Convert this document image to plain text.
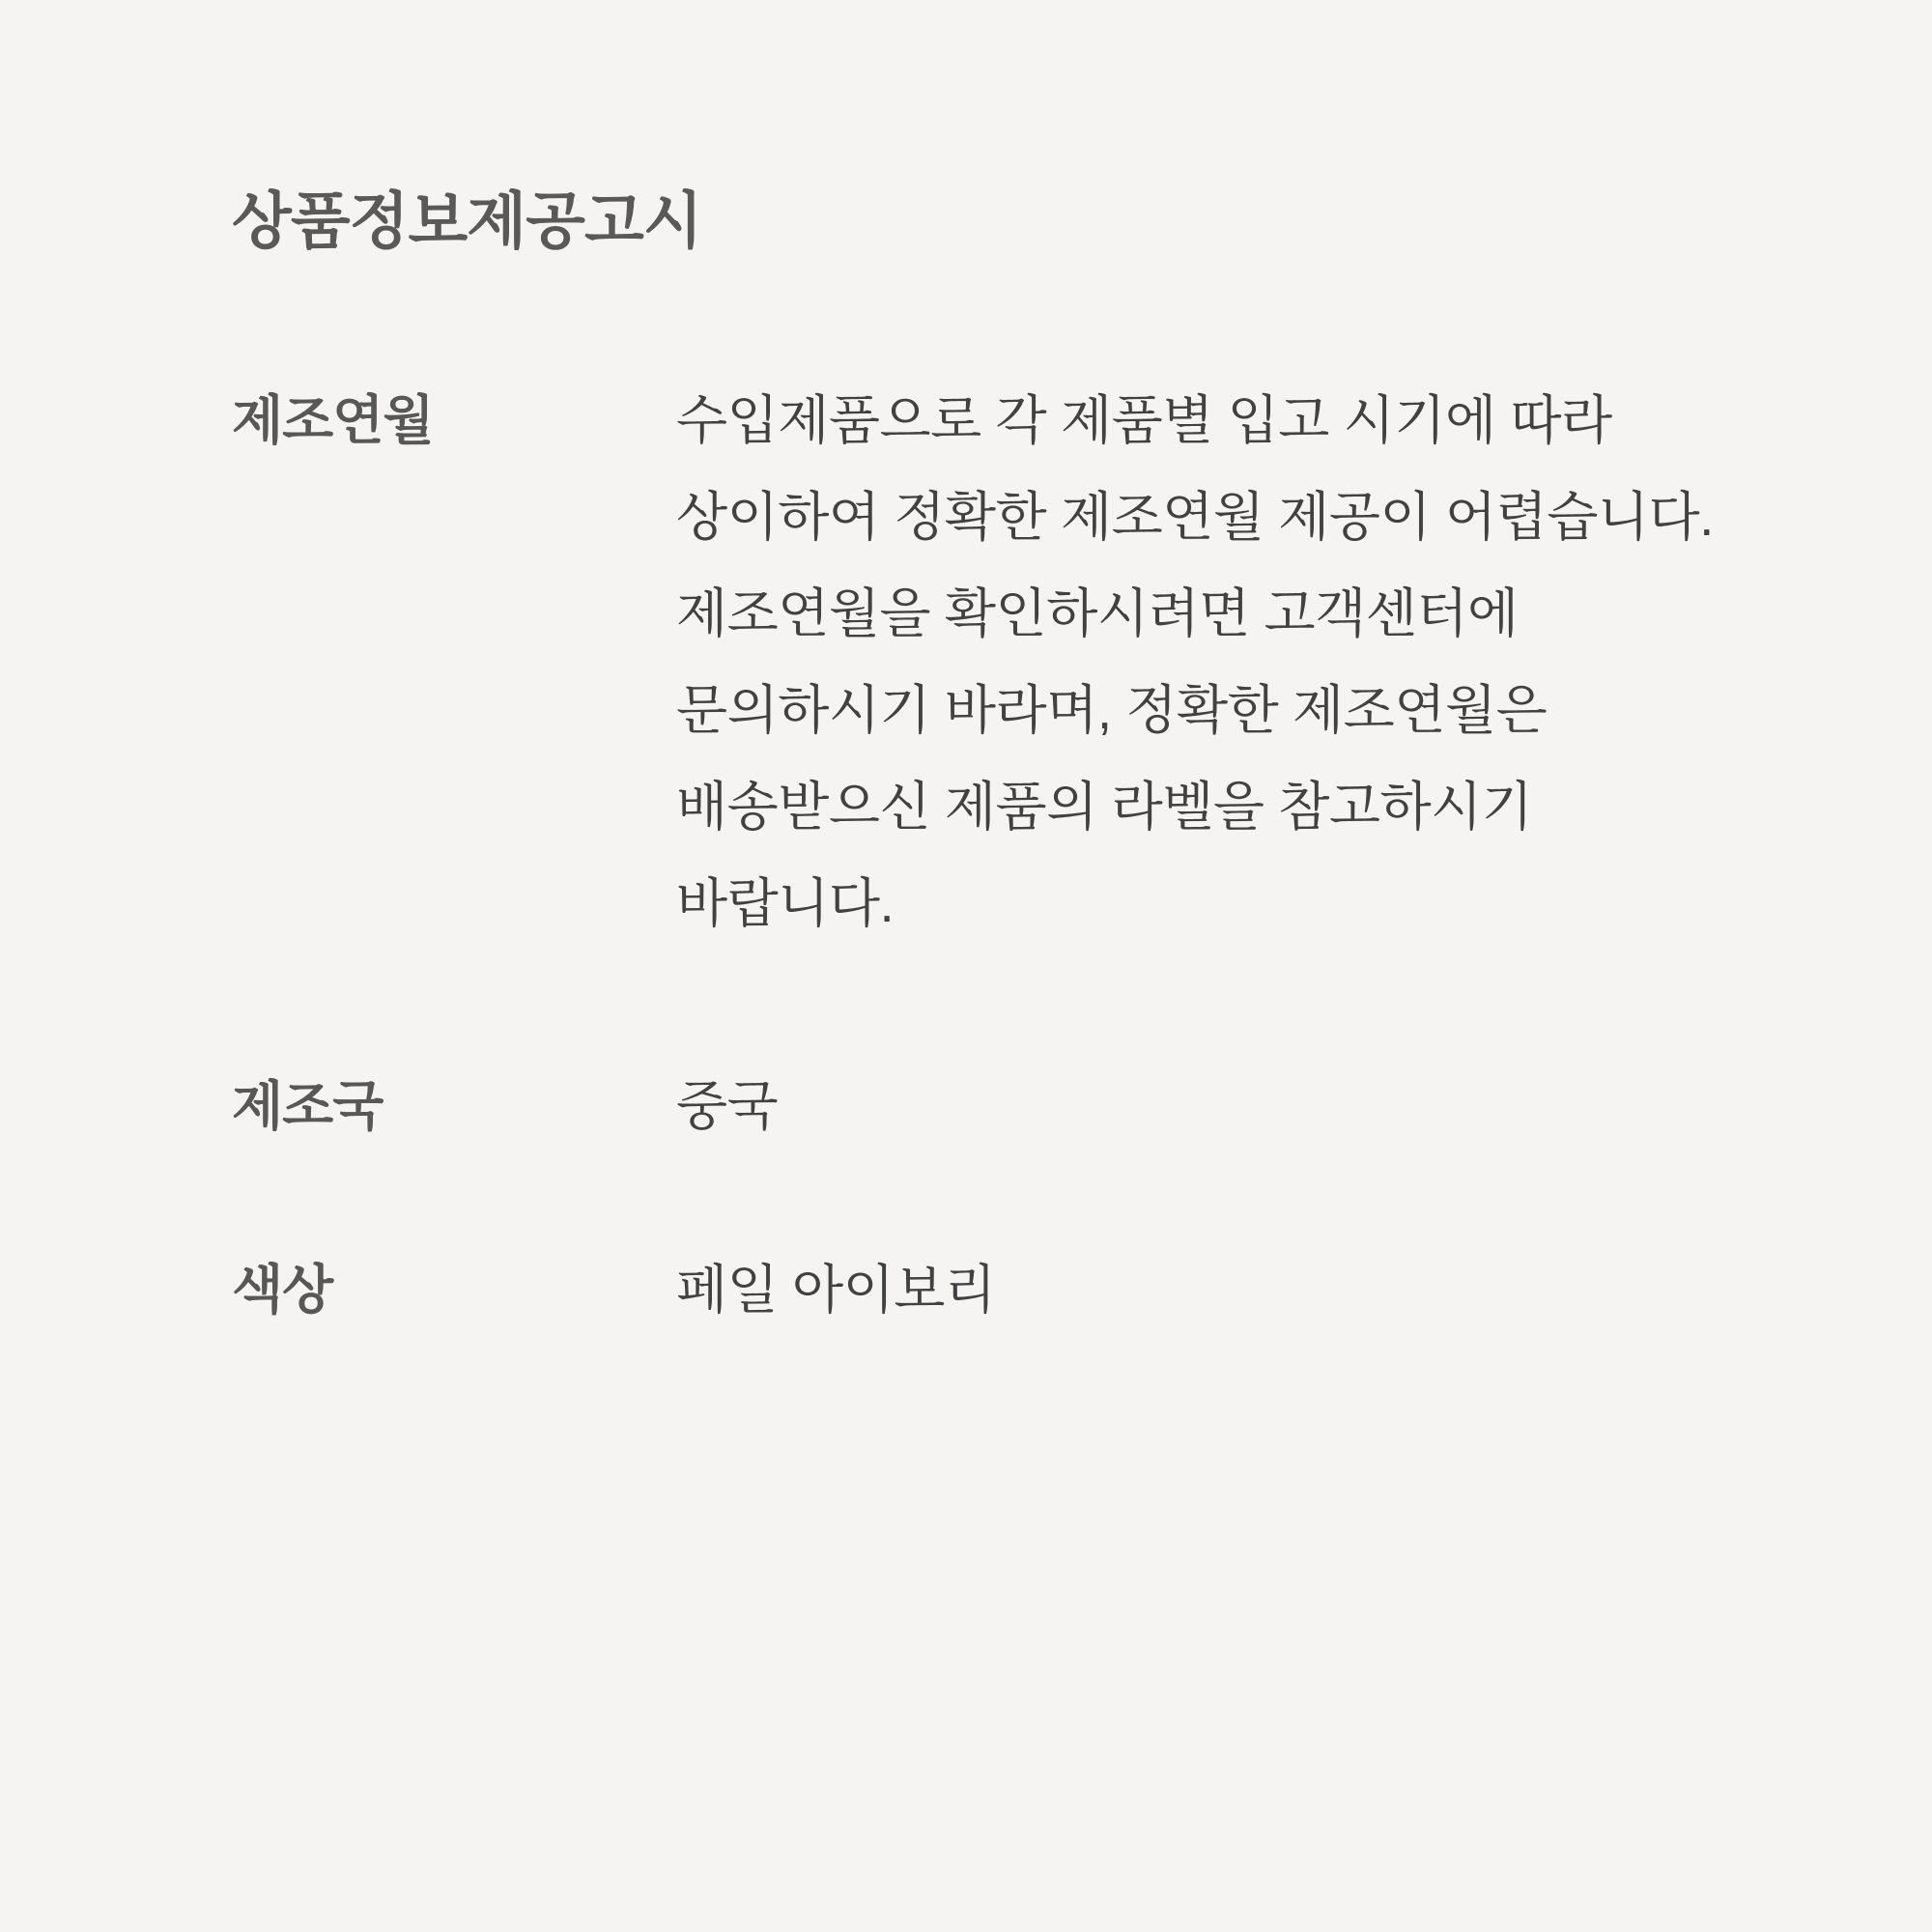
상품정보제공고시
제조연월	수입제품으로 각 제품별 입고 시기에 따라
상이하여 정확한 제조연월 제공이 어렵습니다.
제조연월을 확인하시려면 고객센터에
문의하시기 바라며, 정확한 제조연월은
배송받으신 제품의 라벨을 참고하시기
바랍니다.
제조국	중국
색상	페일 아이보리
